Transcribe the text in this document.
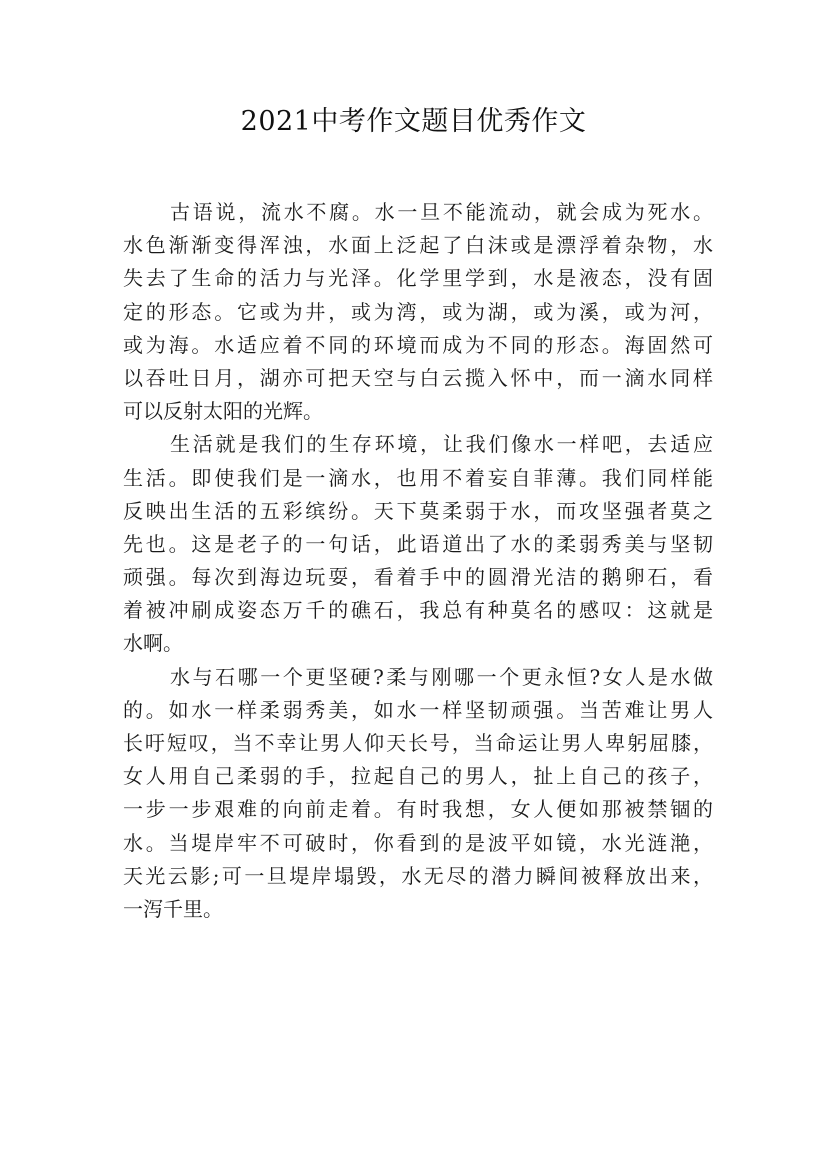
2021中考作文题目优秀作文
古语说，流水不腐。水一旦不能流动，就会成为死水。
水色渐渐变得浑浊，水面上泛起了白沫或是漂浮着杂物，水
失去了生命的活力与光泽。化学里学到，水是液态，没有固
定的形态。它或为井，或为湾，或为湖，或为溪，或为河，
或为海。水适应着不同的环境而成为不同的形态。海固然可
以吞吐日月，湖亦可把天空与白云揽入怀中，而一滴水同样
可以反射太阳的光辉。
生活就是我们的生存环境，让我们像水一样吧，去适应
生活。即使我们是一滴水，也用不着妄自菲薄。我们同样能
反映出生活的五彩缤纷。天下莫柔弱于水，而攻坚强者莫之
先也。这是老子的一句话，此语道出了水的柔弱秀美与坚韧
顽强。每次到海边玩耍，看着手中的圆滑光洁的鹅卵石，看
着被冲刷成姿态万千的礁石，我总有种莫名的感叹：这就是
水啊。
水与石哪一个更坚硬?柔与刚哪一个更永恒?女人是水做
的。如水一样柔弱秀美，如水一样坚韧顽强。当苦难让男人
长吁短叹，当不幸让男人仰天长号，当命运让男人卑躬屈膝，
女人用自己柔弱的手，拉起自己的男人，扯上自己的孩子，
一步一步艰难的向前走着。有时我想，女人便如那被禁锢的
水。当堤岸牢不可破时，你看到的是波平如镜，水光涟滟，
天光云影;可一旦堤岸塌毁，水无尽的潜力瞬间被释放出来，
一泻千里。
